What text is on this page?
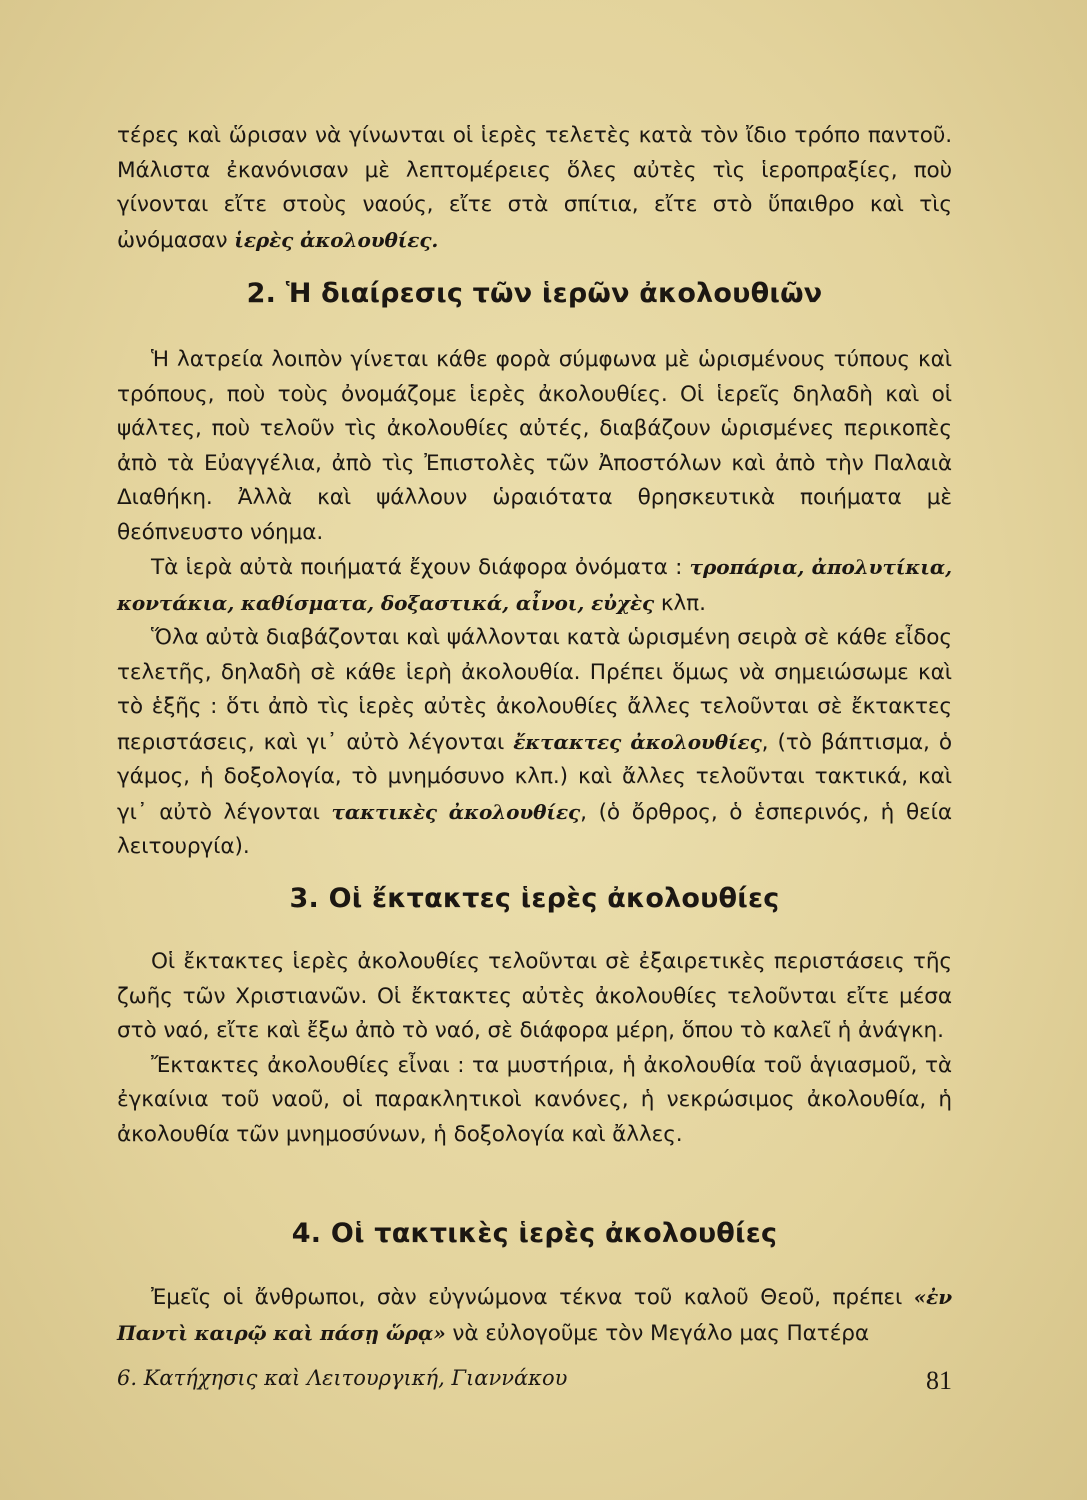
τέρες καὶ ὥρισαν νὰ γίνωνται οἱ ἱερὲς τελετὲς κατὰ τὸν ἴδιο τρόπο παντοῦ. Μάλιστα ἐκανόνισαν μὲ λεπτομέρειες ὅλες αὐτὲς τὶς ἱεροπραξίες, ποὺ γίνονται εἴτε στοὺς ναούς, εἴτε στὰ σπίτια, εἴτε στὸ ὕπαιθρο καὶ τὶς ὠνόμασαν ἱερὲς ἀκολουθίες.

2. Ἡ διαίρεσις τῶν ἱερῶν ἀκολουθιῶν

Ἡ λατρεία λοιπὸν γίνεται κάθε φορὰ σύμφωνα μὲ ὡρισμένους τύπους καὶ τρόπους, ποὺ τοὺς ὀνομάζομε ἱερὲς ἀκολουθίες. Οἱ ἱερεῖς δηλαδὴ καὶ οἱ ψάλτες, ποὺ τελοῦν τὶς ἀκολουθίες αὐτές, διαβάζουν ὡρισμένες περικοπὲς ἀπὸ τὰ Εὐαγγέλια, ἀπὸ τὶς Ἐπιστολὲς τῶν Ἀποστόλων καὶ ἀπὸ τὴν Παλαιὰ Διαθήκη. Ἀλλὰ καὶ ψάλλουν ὡραιότατα θρησκευτικὰ ποιήματα μὲ θεόπνευστο νόημα.

Τὰ ἱερὰ αὐτὰ ποιήματά ἔχουν διάφορα ὀνόματα : τροπάρια, ἀπολυτίκια, κοντάκια, καθίσματα, δοξαστικά, αἶνοι, εὐχὲς κλπ.

Ὅλα αὐτὰ διαβάζονται καὶ ψάλλονται κατὰ ὡρισμένη σειρὰ σὲ κάθε εἶδος τελετῆς, δηλαδὴ σὲ κάθε ἱερὴ ἀκολουθία. Πρέπει ὅμως νὰ σημειώσωμε καὶ τὸ ἑξῆς : ὅτι ἀπὸ τὶς ἱερὲς αὐτὲς ἀκολουθίες ἄλλες τελοῦνται σὲ ἔκτακτες περιστάσεις, καὶ γι᾿ αὐτὸ λέγονται ἔκτακτες ἀκολουθίες, (τὸ βάπτισμα, ὁ γάμος, ἡ δοξολογία, τὸ μνημόσυνο κλπ.) καὶ ἄλλες τελοῦνται τακτικά, καὶ γι᾿ αὐτὸ λέγονται τακτικὲς ἀκολουθίες, (ὁ ὄρθρος, ὁ ἑσπερινός, ἡ θεία λειτουργία).

3. Οἱ ἔκτακτες ἱερὲς ἀκολουθίες

Οἱ ἔκτακτες ἱερὲς ἀκολουθίες τελοῦνται σὲ ἐξαιρετικὲς περιστάσεις τῆς ζωῆς τῶν Χριστιανῶν. Οἱ ἔκτακτες αὐτὲς ἀκολουθίες τελοῦνται εἴτε μέσα στὸ ναό, εἴτε καὶ ἔξω ἀπὸ τὸ ναό, σὲ διάφορα μέρη, ὅπου τὸ καλεῖ ἡ ἀνάγκη.

Ἔκτακτες ἀκολουθίες εἶναι : τα μυστήρια, ἡ ἀκολουθία τοῦ ἁγιασμοῦ, τὰ ἐγκαίνια τοῦ ναοῦ, οἱ παρακλητικοὶ κανόνες, ἡ νεκρώσιμος ἀκολουθία, ἡ ἀκολουθία τῶν μνημοσύνων, ἡ δοξολογία καὶ ἄλλες.

4. Οἱ τακτικὲς ἱερὲς ἀκολουθίες

Ἐμεῖς οἱ ἄνθρωποι, σὰν εὐγνώμονα τέκνα τοῦ καλοῦ Θεοῦ, πρέπει «ἐν Παντὶ καιρῷ καὶ πάσῃ ὥρᾳ» νὰ εὐλογοῦμε τὸν Μεγάλο μας Πατέρα

6. Κατήχησις καὶ Λειτουργική, Γιαννάκου	81
